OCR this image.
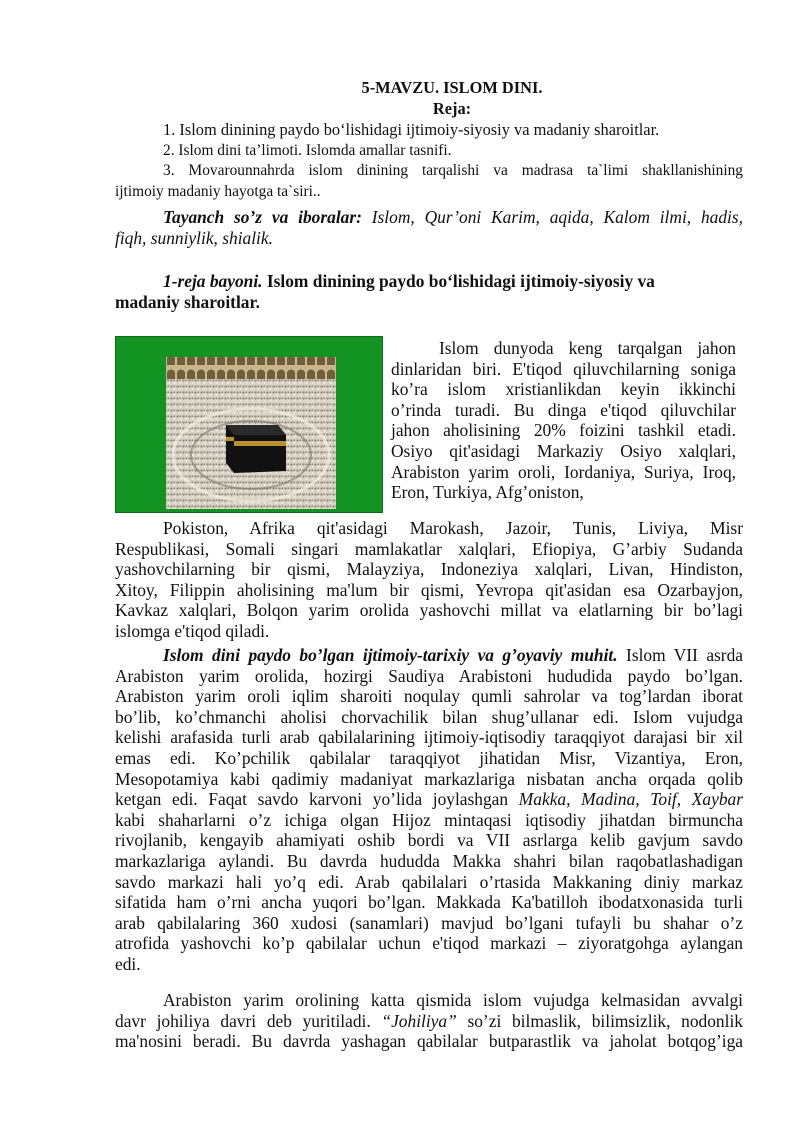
5-MAVZU. ISLOM DINI.
Reja:

1. Islom dinining paydo bo‘lishidagi ijtimoiy-siyosiy va madaniy sharoitlar.

2. Islom dini ta’limoti. Islomda amallar tasnifi.

3. Movarounnahrda islom dinining tarqalishi va madrasa ta`limi shakllanishining

ijtimoiy madaniy hayotga ta`siri..

Tayanch so’z va iboralar: Islom, Qur’oni Karim, aqida, Kalom ilmi, hadis,

fiqh, sunniylik, shialik.

1-reja bayoni. Islom dinining paydo bo‘lishidagi ijtimoiy-siyosiy va

madaniy sharoitlar.

Islom dunyoda keng tarqalgan jahon

dinlaridan biri. E'tiqod qiluvchilarning soniga

ko’ra islom xristianlikdan keyin ikkinchi

o’rinda turadi. Bu dinga e'tiqod qiluvchilar

jahon aholisining 20% foizini tashkil etadi.

Osiyo qit'asidagi Markaziy Osiyo xalqlari,

Arabiston yarim oroli, Iordaniya, Suriya, Iroq,

Eron, Turkiya, Afg’oniston,

Pokiston, Afrika qit'asidagi Marokash, Jazoir, Tunis, Liviya, Misr

Respublikasi, Somali singari mamlakatlar xalqlari, Efiopiya, G’arbiy Sudanda

yashovchilarning bir qismi, Malayziya, Indoneziya xalqlari, Livan, Hindiston,

Xitoy, Filippin aholisining ma'lum bir qismi, Yevropa qit'asidan esa Ozarbayjon,

Kavkaz xalqlari, Bolqon yarim orolida yashovchi millat va elatlarning bir bo’lagi

islomga e'tiqod qiladi.

Islom dini paydo bo’lgan ijtimoiy-tarixiy va g’oyaviy muhit. Islom VII asrda

Arabiston yarim orolida, hozirgi Saudiya Arabistoni hududida paydo bo’lgan.

Arabiston yarim oroli iqlim sharoiti noqulay qumli sahrolar va tog’lardan iborat

bo’lib, ko’chmanchi aholisi chorvachilik bilan shug’ullanar edi. Islom vujudga

kelishi arafasida turli arab qabilalarining ijtimoiy-iqtisodiy taraqqiyot darajasi bir xil

emas edi. Ko’pchilik qabilalar taraqqiyot jihatidan Misr, Vizantiya, Eron,

Mesopotamiya kabi qadimiy madaniyat markazlariga nisbatan ancha orqada qolib

ketgan edi. Faqat savdo karvoni yo’lida joylashgan Makka, Madina, Toif, Xaybar

kabi shaharlarni o’z ichiga olgan Hijoz mintaqasi iqtisodiy jihatdan birmuncha

rivojlanib, kengayib ahamiyati oshib bordi va VII asrlarga kelib gavjum savdo

markazlariga aylandi. Bu davrda hududda Makka shahri bilan raqobatlashadigan

savdo markazi hali yo’q edi. Arab qabilalari o’rtasida Makkaning diniy markaz

sifatida ham o’rni ancha yuqori bo’lgan. Makkada Ka'batilloh ibodatxonasida turli

arab qabilalaring 360 xudosi (sanamlari) mavjud bo’lgani tufayli bu shahar o’z

atrofida yashovchi ko’p qabilalar uchun e'tiqod markazi – ziyoratgohga aylangan

edi.

Arabiston yarim orolining katta qismida islom vujudga kelmasidan avvalgi

davr johiliya davri deb yuritiladi. “Johiliya” so’zi bilmaslik, bilimsizlik, nodonlik

ma'nosini beradi. Bu davrda yashagan qabilalar butparastlik va jaholat botqog’iga
